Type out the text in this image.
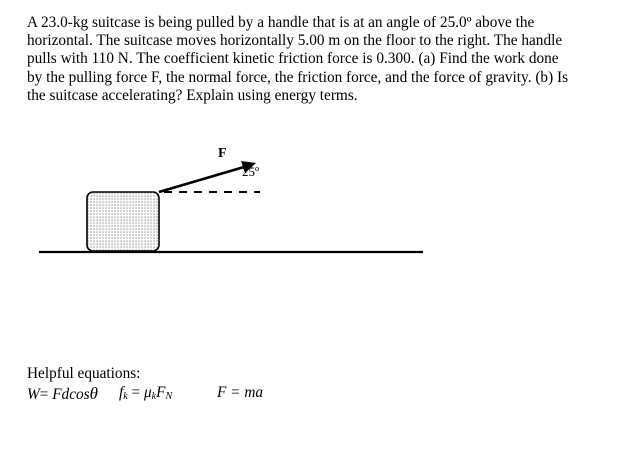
A 23.0-kg suitcase is being pulled by a handle that is at an angle of 25.0º above the
horizontal. The suitcase moves horizontally 5.00 m on the floor to the right. The handle
pulls with 110 N. The coefficient kinetic friction force is 0.300. (a) Find the work done
by the pulling force F, the normal force, the friction force, and the force of gravity. (b) Is
the suitcase accelerating? Explain using energy terms.
F
25º

Helpful equations:

W= Fdcosθ $f_k = \mu_kF_N$	F = ma
